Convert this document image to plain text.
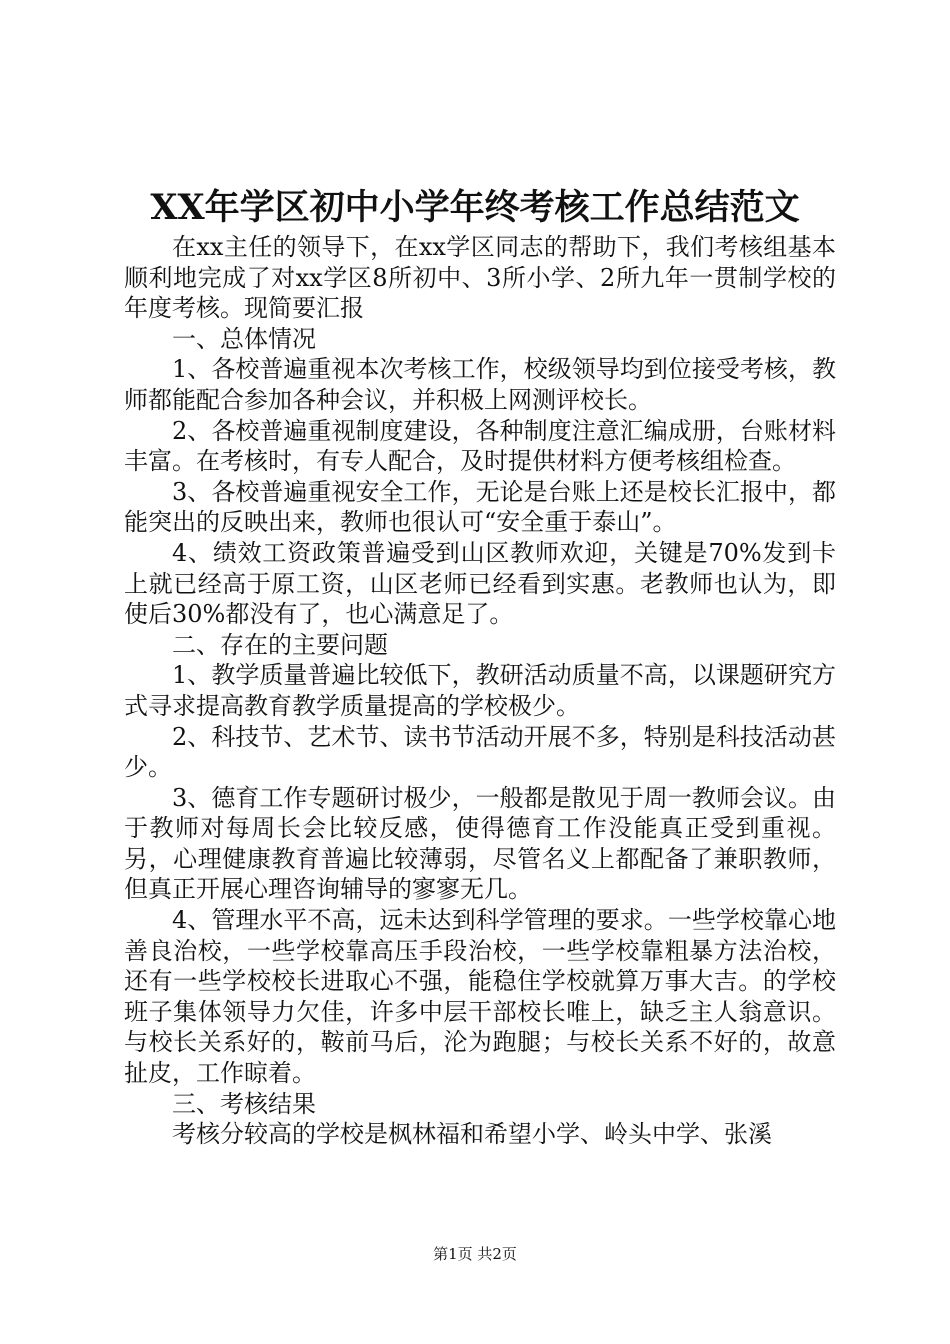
XX年学区初中小学年终考核工作总结范文

在xx主任的领导下，在xx学区同志的帮助下，我们考核组基本顺利地完成了对xx学区8所初中、3所小学、2所九年一贯制学校的年度考核。现简要汇报

一、总体情况

1、各校普遍重视本次考核工作，校级领导均到位接受考核，教师都能配合参加各种会议，并积极上网测评校长。

2、各校普遍重视制度建设，各种制度注意汇编成册，台账材料丰富。在考核时，有专人配合，及时提供材料方便考核组检查。

3、各校普遍重视安全工作，无论是台账上还是校长汇报中，都能突出的反映出来，教师也很认可“安全重于泰山”。

4、绩效工资政策普遍受到山区教师欢迎，关键是70%发到卡上就已经高于原工资，山区老师已经看到实惠。老教师也认为，即使后30%都没有了，也心满意足了。

二、存在的主要问题

1、教学质量普遍比较低下，教研活动质量不高，以课题研究方式寻求提高教育教学质量提高的学校极少。

2、科技节、艺术节、读书节活动开展不多，特别是科技活动甚少。

3、德育工作专题研讨极少，一般都是散见于周一教师会议。由于教师对每周长会比较反感，使得德育工作没能真正受到重视。另，心理健康教育普遍比较薄弱，尽管名义上都配备了兼职教师，但真正开展心理咨询辅导的寥寥无几。

4、管理水平不高，远未达到科学管理的要求。一些学校靠心地善良治校，一些学校靠高压手段治校，一些学校靠粗暴方法治校，还有一些学校校长进取心不强，能稳住学校就算万事大吉。的学校班子集体领导力欠佳，许多中层干部校长唯上，缺乏主人翁意识。与校长关系好的，鞍前马后，沦为跑腿；与校长关系不好的，故意扯皮，工作晾着。

三、考核结果

考核分较高的学校是枫林福和希望小学、岭头中学、张溪

第1页 共2页
